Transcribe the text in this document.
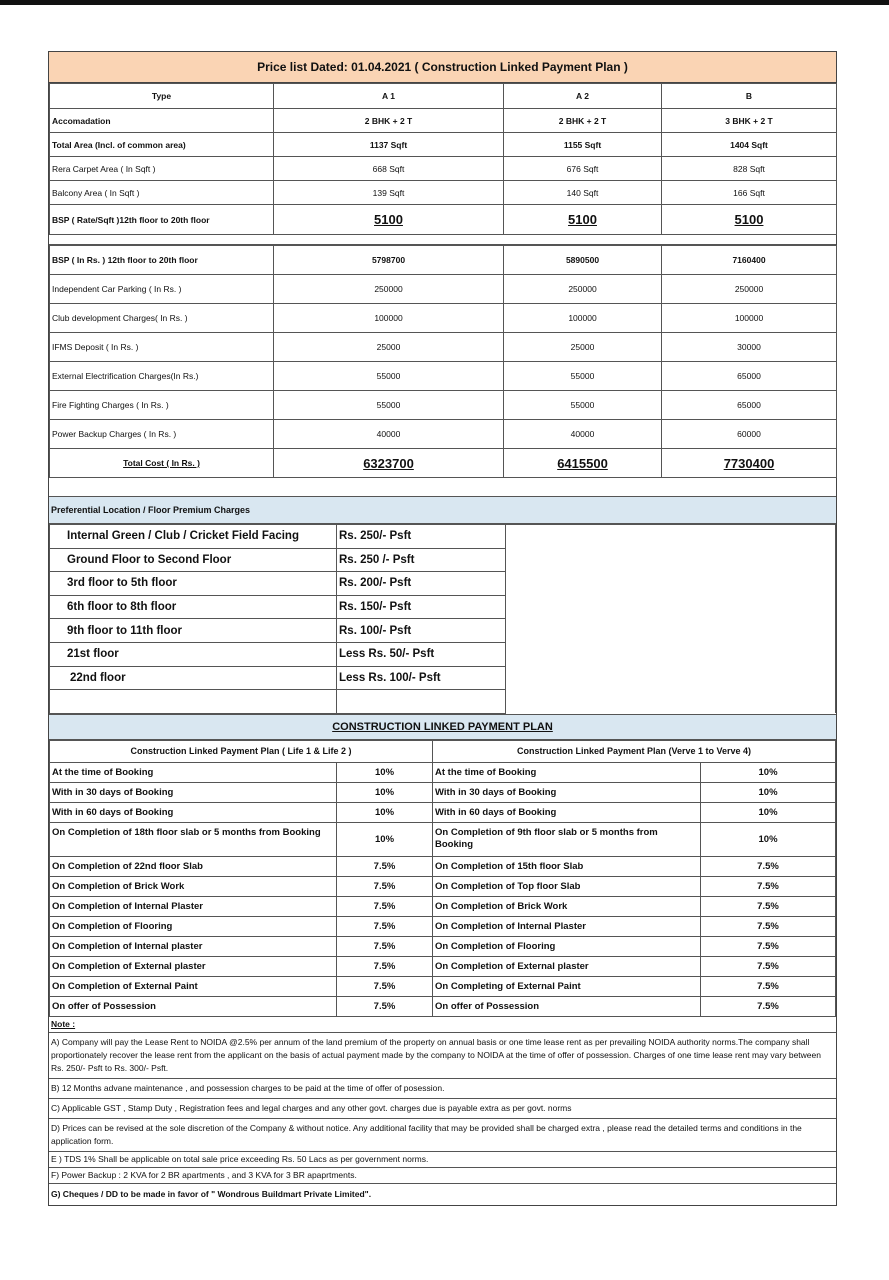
Price list Dated: 01.04.2021 ( Construction Linked Payment Plan )
Type	A 1	A 2	B
Accomadation	2 BHK + 2 T	2 BHK + 2 T	3 BHK + 2 T
Total Area (Incl. of common area)	1137 Sqft	1155 Sqft	1404 Sqft
Rera Carpet Area ( In Sqft )	668 Sqft	676 Sqft	828 Sqft
Balcony Area ( In Sqft )	139 Sqft	140 Sqft	166 Sqft
BSP ( Rate/Sqft )12th floor to 20th floor	5100	5100	5100
BSP ( In Rs. ) 12th floor to 20th floor	5798700	5890500	7160400
Independent Car Parking ( In Rs. )	250000	250000	250000
Club development Charges( In Rs. )	100000	100000	100000
IFMS Deposit ( In Rs. )	25000	25000	30000
External Electrification Charges(In Rs.)	55000	55000	65000
Fire Fighting Charges ( In Rs. )	55000	55000	65000
Power Backup Charges ( In Rs. )	40000	40000	60000
Total Cost ( In Rs. )	6323700	6415500	7730400
Preferential Location / Floor Premium Charges
Internal Green / Club / Cricket Field Facing	Rs. 250/- Psft	
Ground Floor to Second Floor	Rs. 250 /- Psft	
3rd floor to 5th floor	Rs. 200/- Psft	
6th floor to 8th floor	Rs. 150/- Psft	
9th floor to 11th floor	Rs. 100/- Psft	
21st floor	Less Rs. 50/- Psft	
22nd floor	Less Rs. 100/- Psft	

CONSTRUCTION LINKED PAYMENT PLAN
Construction Linked Payment Plan ( Life 1 & Life 2 )		Construction Linked Payment Plan (Verve 1 to Verve 4)	
At the time of Booking	10%	At the time of Booking	10%
With in 30 days of Booking	10%	With in 30 days of Booking	10%
With in 60 days of Booking	10%	With in 60 days of Booking	10%
On Completion of 18th floor slab or 5 months from Booking	10%	On Completion of 9th floor slab or 5 months from Booking	10%
On Completion of 22nd floor Slab	7.5%	On Completion of 15th floor Slab	7.5%
On Completion of Brick Work	7.5%	On Completion of Top floor Slab	7.5%
On Completion of Internal Plaster	7.5%	On Completion of Brick Work	7.5%
On Completion of Flooring	7.5%	On Completion of Internal Plaster	7.5%
On Completion of Internal plaster	7.5%	On Completion of Flooring	7.5%
On Completion of External plaster	7.5%	On Completion of External plaster	7.5%
On Completion of External Paint	7.5%	On Completing of External Paint	7.5%
On offer of Possession	7.5%	On offer of Possession	7.5%
Note :
A) Company will pay the Lease Rent to NOIDA @2.5% per annum of the land premium of the property on annual basis or one time lease rent as per prevailing NOIDA authority norms.The company shall proportionately recover the lease rent from the applicant on the basis of actual payment made by the company to NOIDA at the time of offer of possession. Charges of one time lease rent may vary between Rs. 250/- Psft to Rs. 300/- Psft.
B) 12 Months advane maintenance , and possession charges to be paid at the time of offer of posession.
C) Applicable GST , Stamp Duty , Registration fees and legal charges and any other govt. charges due is payable extra as per govt. norms
D) Prices can be revised at the sole discretion of the Company & without notice. Any additional facility that may be provided shall be charged extra , please read the detailed terms and conditions in the application form.
E ) TDS 1% Shall be applicable on total sale price exceeding Rs. 50 Lacs as per government norms.
F) Power Backup : 2 KVA for 2 BR apartments , and 3 KVA for 3 BR apaprtments.
G) Cheques / DD to be made in favor of " Wondrous Buildmart Private Limited".
